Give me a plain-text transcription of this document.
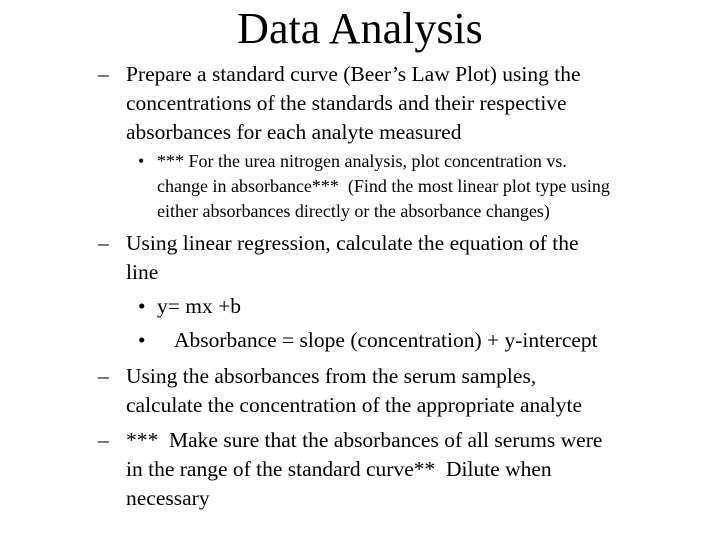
Data Analysis
– Prepare a standard curve (Beer’s Law Plot) using the
concentrations of the standards and their respective
absorbances for each analyte measured
• *** For the urea nitrogen analysis, plot concentration vs.
change in absorbance***  (Find the most linear plot type using
either absorbances directly or the absorbance changes)
– Using linear regression, calculate the equation of the
line
• y= mx +b
• Absorbance = slope (concentration) + y-intercept
– Using the absorbances from the serum samples,
calculate the concentration of the appropriate analyte
– ***  Make sure that the absorbances of all serums were
in the range of the standard curve**  Dilute when
necessary
